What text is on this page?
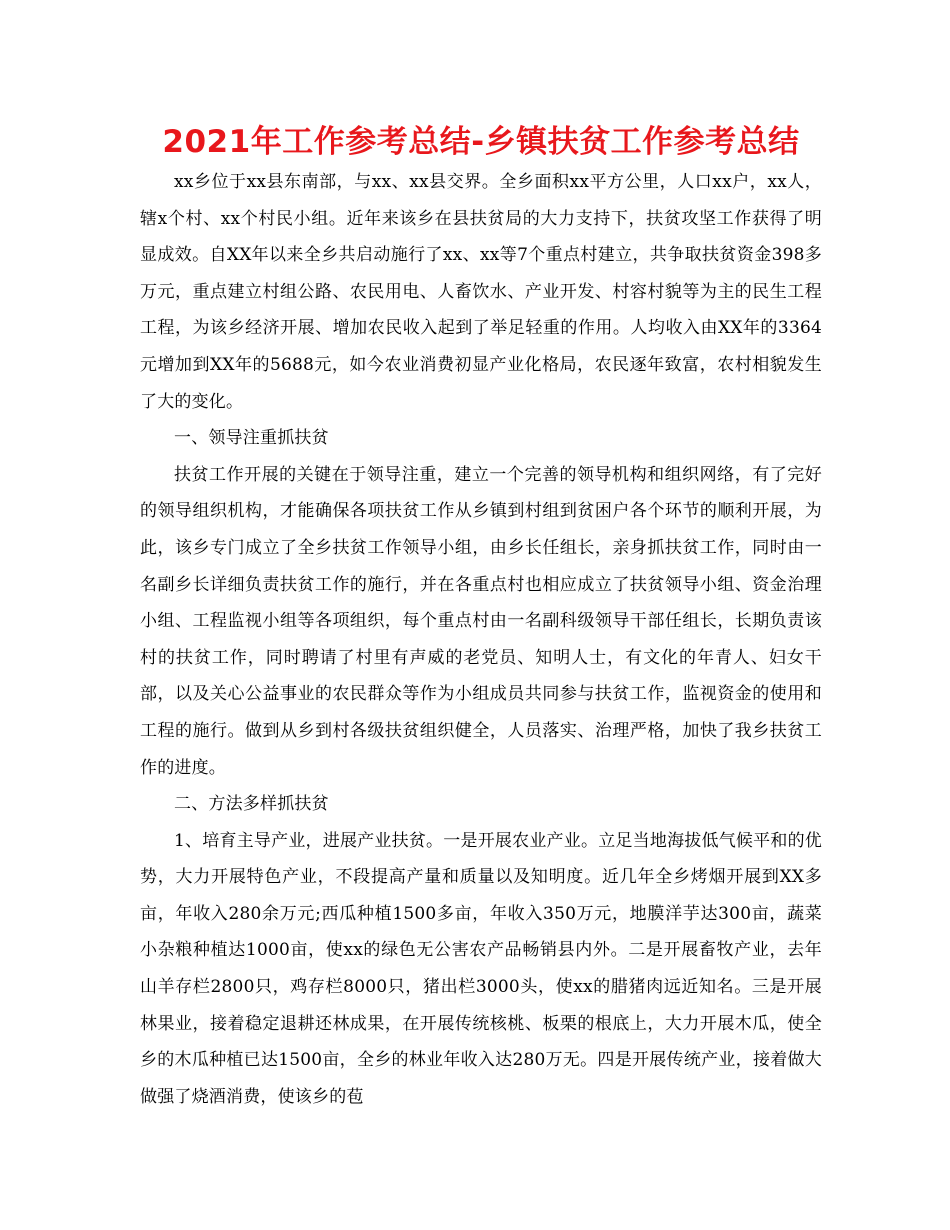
2021年工作参考总结-乡镇扶贫工作参考总结

xx乡位于xx县东南部，与xx、xx县交界。全乡面积xx平方公里，人口xx户，xx人，辖x个村、xx个村民小组。近年来该乡在县扶贫局的大力支持下，扶贫攻坚工作获得了明显成效。自XX年以来全乡共启动施行了xx、xx等7个重点村建立，共争取扶贫资金398多万元，重点建立村组公路、农民用电、人畜饮水、产业开发、村容村貌等为主的民生工程工程，为该乡经济开展、增加农民收入起到了举足轻重的作用。人均收入由XX年的3364元增加到XX年的5688元，如今农业消费初显产业化格局，农民逐年致富，农村相貌发生了大的变化。

一、领导注重抓扶贫

扶贫工作开展的关键在于领导注重，建立一个完善的领导机构和组织网络，有了完好的领导组织机构，才能确保各项扶贫工作从乡镇到村组到贫困户各个环节的顺利开展，为此，该乡专门成立了全乡扶贫工作领导小组，由乡长任组长，亲身抓扶贫工作，同时由一名副乡长详细负责扶贫工作的施行，并在各重点村也相应成立了扶贫领导小组、资金治理小组、工程监视小组等各项组织，每个重点村由一名副科级领导干部任组长，长期负责该村的扶贫工作，同时聘请了村里有声威的老党员、知明人士，有文化的年青人、妇女干部，以及关心公益事业的农民群众等作为小组成员共同参与扶贫工作，监视资金的使用和工程的施行。做到从乡到村各级扶贫组织健全，人员落实、治理严格，加快了我乡扶贫工作的进度。

二、方法多样抓扶贫

1、培育主导产业，进展产业扶贫。一是开展农业产业。立足当地海拔低气候平和的优势，大力开展特色产业，不段提高产量和质量以及知明度。近几年全乡烤烟开展到XX多亩，年收入280余万元;西瓜种植1500多亩，年收入350万元，地膜洋芋达300亩，蔬菜小杂粮种植达1000亩，使xx的绿色无公害农产品畅销县内外。二是开展畜牧产业，去年山羊存栏2800只，鸡存栏8000只，猪出栏3000头，使xx的腊猪肉远近知名。三是开展林果业，接着稳定退耕还林成果，在开展传统核桃、板栗的根底上，大力开展木瓜，使全乡的木瓜种植已达1500亩，全乡的林业年收入达280万无。四是开展传统产业，接着做大做强了烧酒消费，使该乡的苞
